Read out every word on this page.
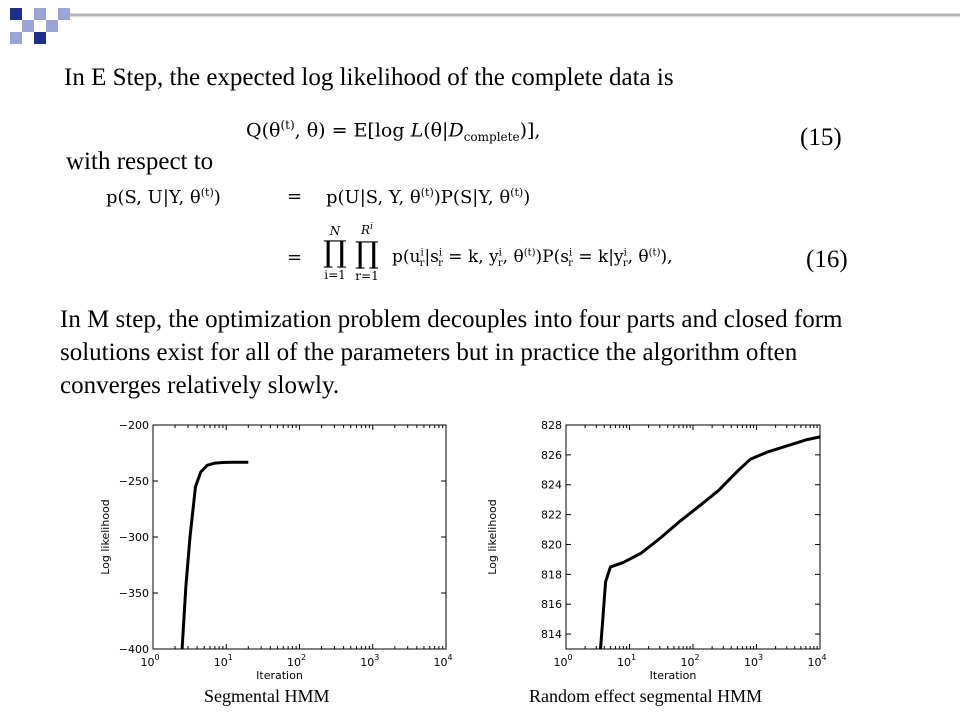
In E Step, the expected log likelihood of the complete data is
$Q(\theta^{(t)}$, θ) = E[log $L(\theta|D_{complete})$],	(15)
with respect to
p(S, U|Y, $\theta^{(t)}$)	= p(U|S, Y, $\theta^{(t)})P(S|Y$, $\theta^{(t)}$)
=
N
∏
i=1
$R^i$
∏
r=1
$p(u^i_r|s^i_r = k$, $y^i_r$, $\theta^{(t)})P(s^i_r = k|y^i_r$, $\theta^{(t)}$),	(16)
In M step, the optimization problem decouples into four parts and closed form solutions exist for all of the parameters but in practice the algorithm often converges relatively slowly.
−400
−350
−300
−250
−200
$10^0$	$10^1$	$10^2$	$10^3$	$10^4$
Iteration
Log likelihood
814
816
818
820
822
824
826
828
$10^0$	$10^1$	$10^2$	$10^3$	$10^4$
Iteration
Log likelihood
Segmental HMM	Random effect segmental HMM
